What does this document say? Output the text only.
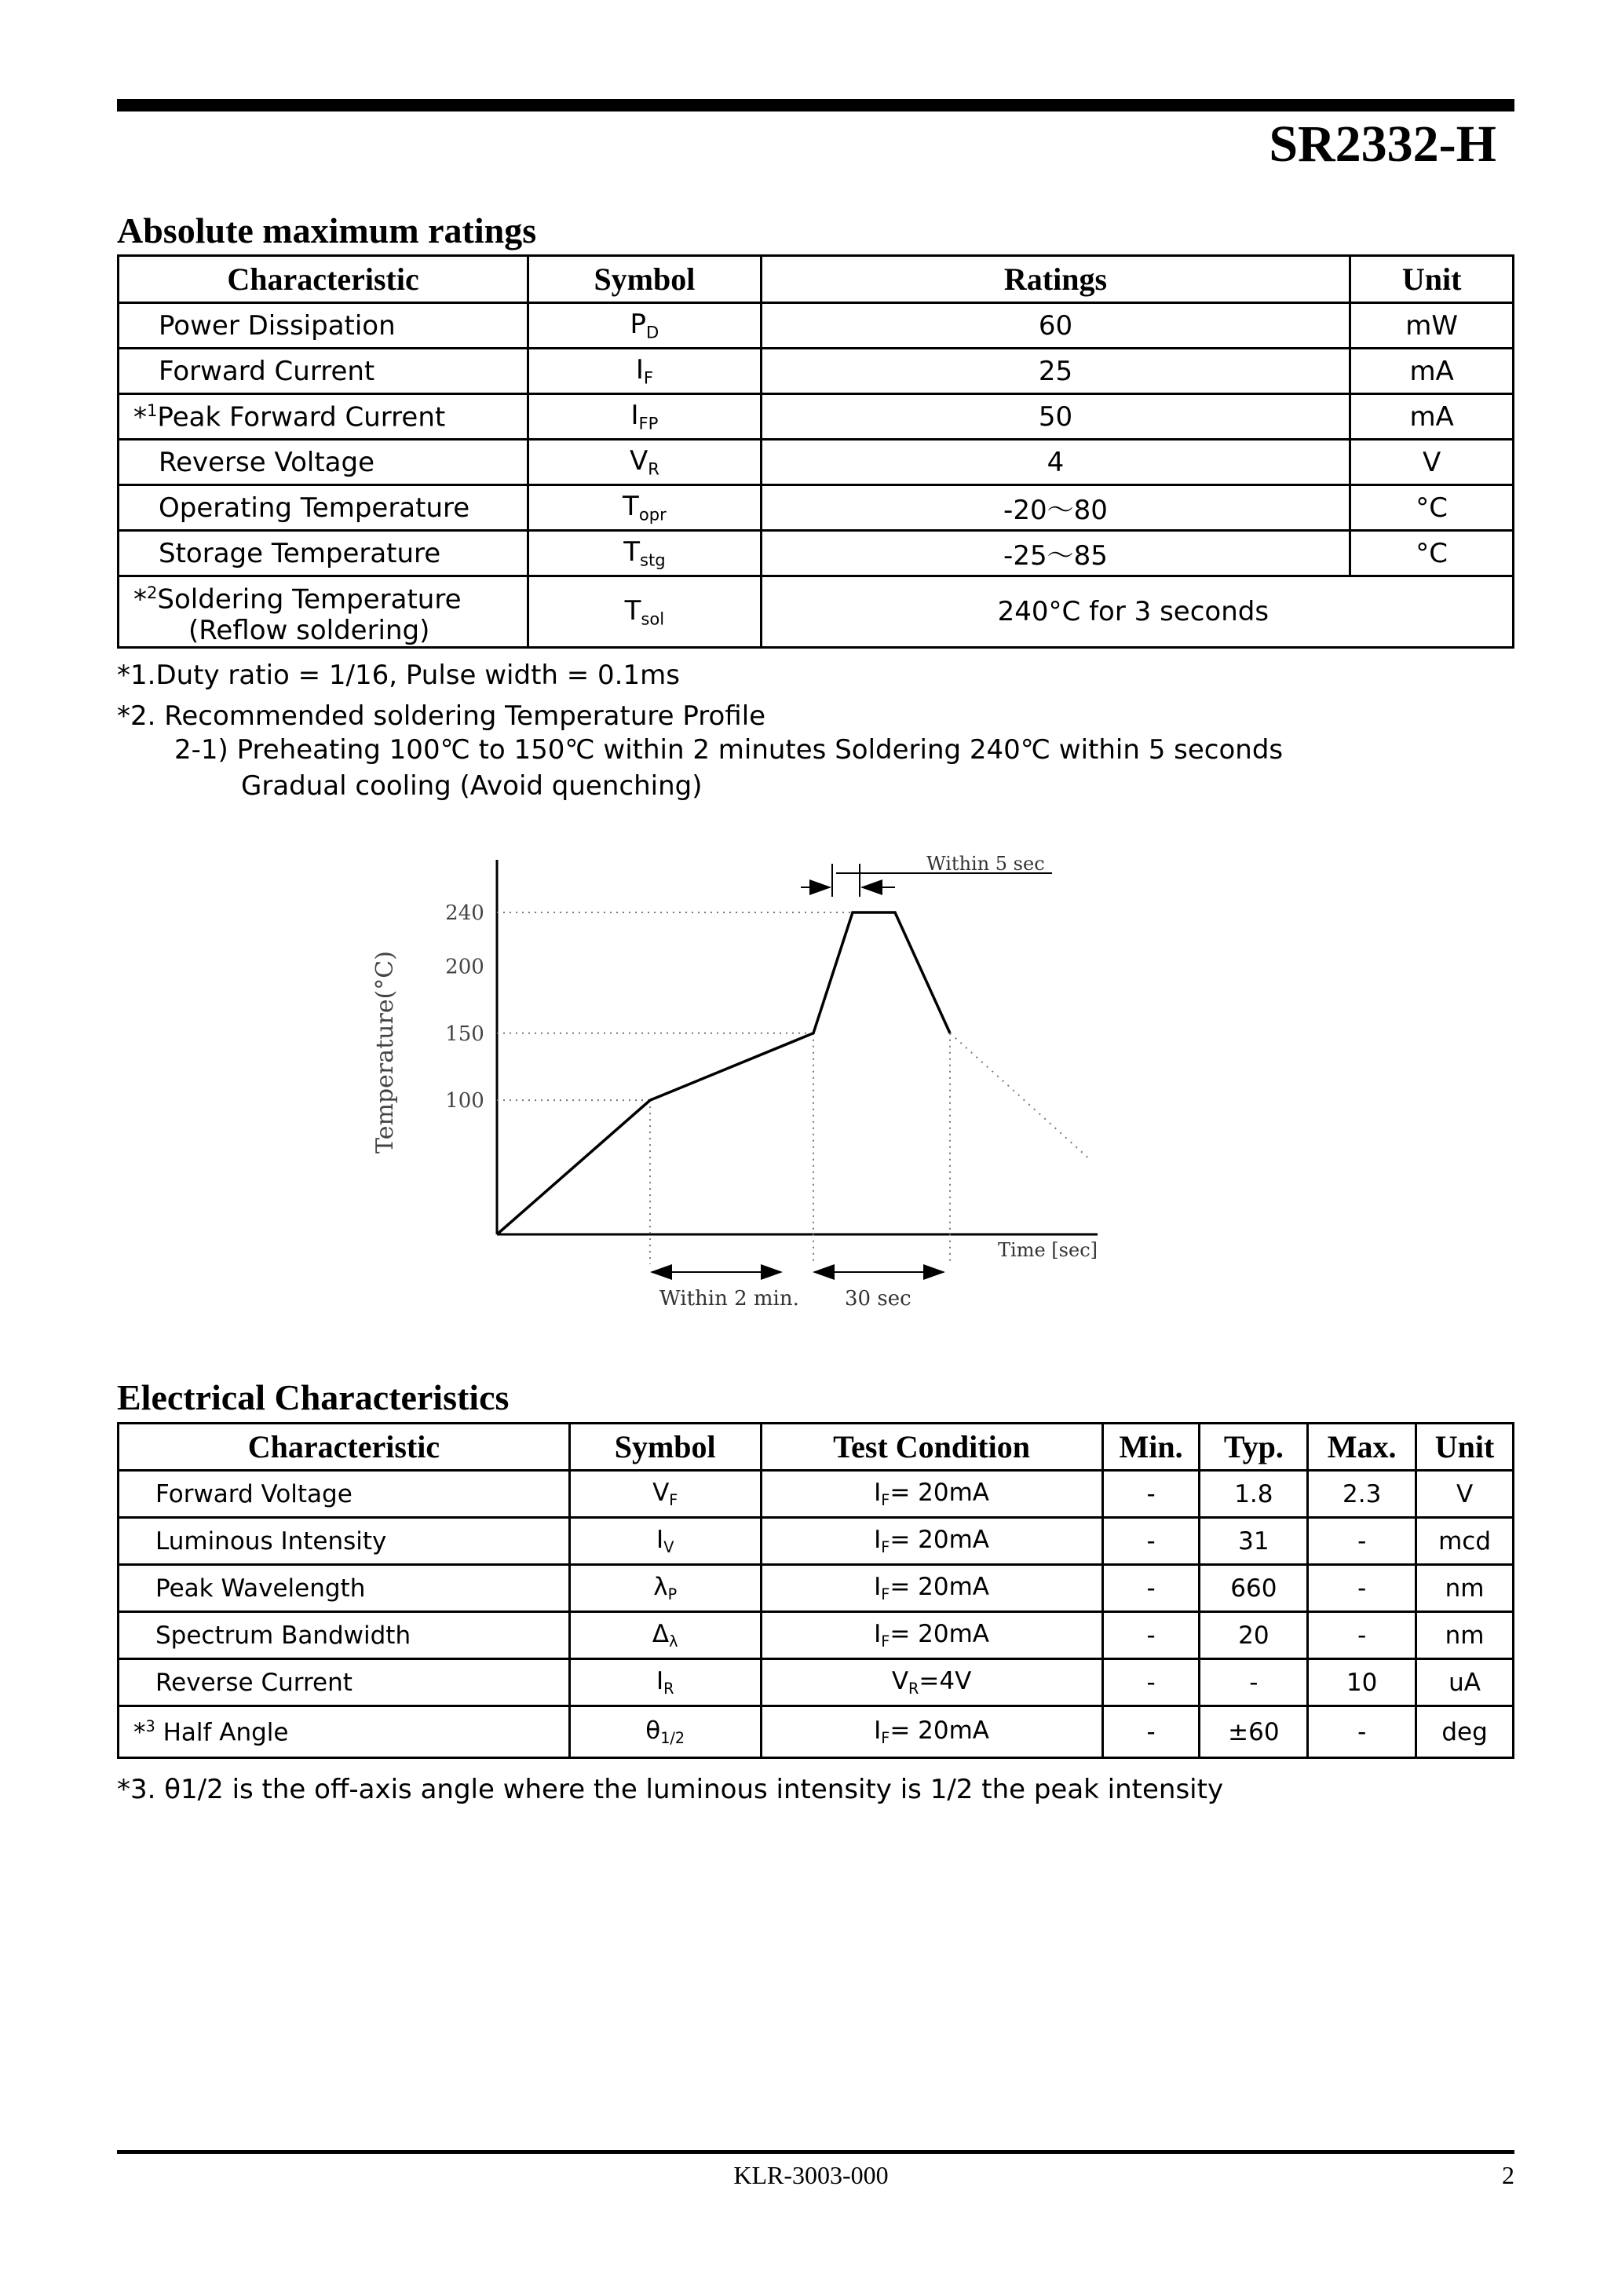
SR2332-H
Absolute maximum ratings
Characteristic	Symbol	Ratings	Unit
Power Dissipation	$P_D$	60	mW
Forward Current	$I_F$	25	mA
*$^1$Peak Forward Current	$I_{FP}$	50	mA
Reverse Voltage	$V_R$	4	V
Operating Temperature	$T_{opr}$	-20～80	°C
Storage Temperature	$T_{stg}$	-25～85	°C
*$^2$Soldering Temperature
(Reflow soldering)	$T_{sol}$	240°C for 3 seconds	
*1.Duty ratio = 1/16, Pulse width = 0.1ms
*2. Recommended soldering Temperature Profile
2-1) Preheating 100℃ to 150℃ within 2 minutes Soldering 240℃ within 5 seconds
Gradual cooling (Avoid quenching)
Temperature(°C)
Time [sec]
240
200
150
100
Within 5 sec
Within 2 min. 30 sec
Electrical Characteristics
Characteristic	Symbol	Test Condition	Min.	Typ.	Max.	Unit
Forward Voltage	$V_F$	$I_F= 20mA$	-	1.8	2.3	V
Luminous Intensity	$I_V$	$I_F= 20mA$	-	31	-	mcd
Peak Wavelength	$\lambda_P$	$I_F= 20mA$	-	660	-	nm
Spectrum Bandwidth	$\Delta_\lambda$	$I_F= 20mA$	-	20	-	nm
Reverse Current	$I_R$	$V_R=4V$	-	-	10	uA
*$^3$ Half Angle	$\theta_{1/2}$	$I_F= 20mA$	-	±60	-	deg
*3. θ1/2 is the off-axis angle where the luminous intensity is 1/2 the peak intensity
KLR-3003-000	2
